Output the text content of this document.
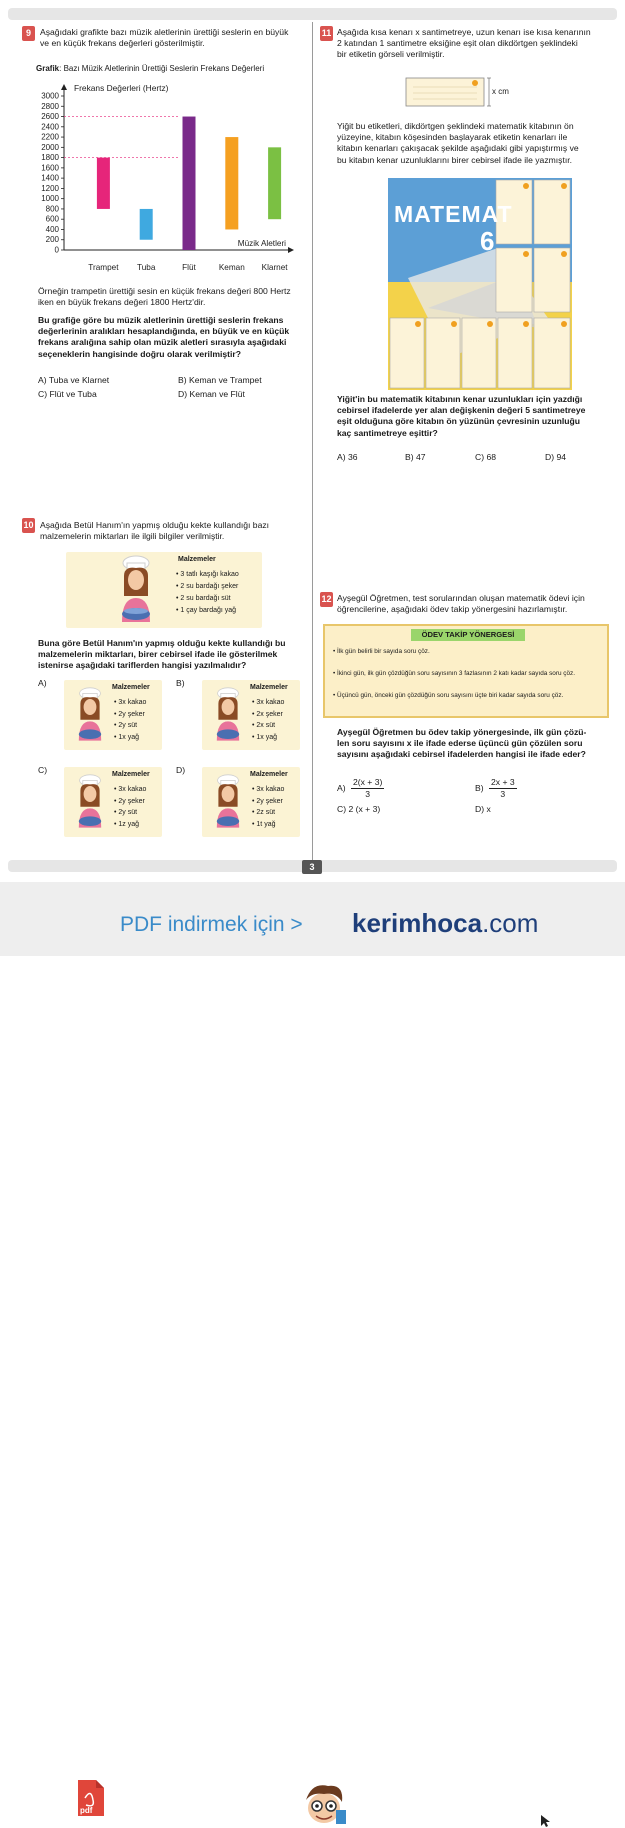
3
9	Aşağıdaki grafikte bazı müzik aletlerinin ürettiği seslerin en büyük
ve en küçük frekans değerleri gösterilmiştir.
Grafik: Bazı Müzik Aletlerinin Ürettiği Seslerin Frekans Değerleri
0
200
400
600
800
1000
1200
1400
1600
1800
2000
2200
2400
2600
2800
3000
Trampet Tuba	Flüt	Keman Klarnet
Frekans Değerleri (Hertz)
Müzik Aletleri
Örneğin trampetin ürettiği sesin en küçük frekans değeri 800 Hertz
iken en büyük frekans değeri 1800 Hertz'dir.
Bu grafiğe göre bu müzik aletlerinin ürettiği seslerin frekans
değerlerinin aralıkları hesaplandığında, en büyük ve en küçük
frekans aralığına sahip olan müzik aletleri sırasıyla aşağıdaki
seçeneklerin hangisinde doğru olarak verilmiştir?
A) Tuba ve Klarnet	B) Keman ve Trampet
C) Flüt ve Tuba	D) Keman ve Flüt
10 Aşağıda Betül Hanım'ın yapmış olduğu kekte kullandığı bazı
malzemelerin miktarları ile ilgili bilgiler verilmiştir.
Malzemeler
• 3 tatlı kaşığı kakao
• 2 su bardağı şeker
• 2 su bardağı süt
• 1 çay bardağı yağ
Buna göre Betül Hanım'ın yapmış olduğu kekte kullandığı bu
malzemelerin miktarları, birer cebirsel ifade ile gösterilmek
istenirse aşağıdaki tariflerden hangisi yazılmalıdır?
A)	B)
C)	D)
Malzemeler
• 3x kakao
• 2y şeker
• 2y süt
• 1x yağ
Malzemeler
• 3x kakao
• 2x şeker
• 2x süt
• 1x yağ
Malzemeler
• 3x kakao
• 2y şeker
• 2y süt
• 1z yağ
Malzemeler
• 3x kakao
• 2y şeker
• 2z süt
• 1t yağ
11 Aşağıda kısa kenarı x santimetreye, uzun kenarı ise kısa kenarının
2 katından 1 santimetre eksiğine eşit olan dikdörtgen şeklindeki
bir etiketin görseli verilmiştir.
x cm
Yiğit bu etiketleri, dikdörtgen şeklindeki matematik kitabının ön
yüzeyine, kitabın köşesinden başlayarak etiketin kenarları ile
kitabın kenarları çakışacak şekilde aşağıdaki gibi yapıştırmış ve
bu kitabın kenar uzunluklarını birer cebirsel ifade ile yazmıştır.
MATEMAT
6
Yiğit'in bu matematik kitabının kenar uzunlukları için yazdığı
cebirsel ifadelerde yer alan değişkenin değeri 5 santimetreye
eşit olduğuna göre kitabın ön yüzünün çevresinin uzunluğu
kaç santimetreye eşittir?
A) 36	B) 47	C) 68	D) 94
12 Ayşegül Öğretmen, test sorularından oluşan matematik ödevi için
öğrencilerine, aşağıdaki ödev takip yönergesini hazırlamıştır.
ÖDEV TAKİP YÖNERGESİ
• İlk gün belirli bir sayıda soru çöz.
• İkinci gün, ilk gün çözdüğün soru sayısının 3 fazlasının 2 katı kadar sayıda soru çöz.
• Üçüncü gün, önceki gün çözdüğün soru sayısını üçte biri kadar sayıda soru çöz.
Ayşegül Öğretmen bu ödev takip yönergesinde, ilk gün çözü-
len soru sayısını x ile ifade ederse üçüncü gün çözülen soru
sayısını aşağıdaki cebirsel ifadelerden hangisi ile ifade eder?
$A) \frac{2(x + 3)}{3}$	$B) \frac{2x + 3}{3}$
C) 2 (x + 3)	D) x
pdf
PDF indirmek için > kerimhoca.com
